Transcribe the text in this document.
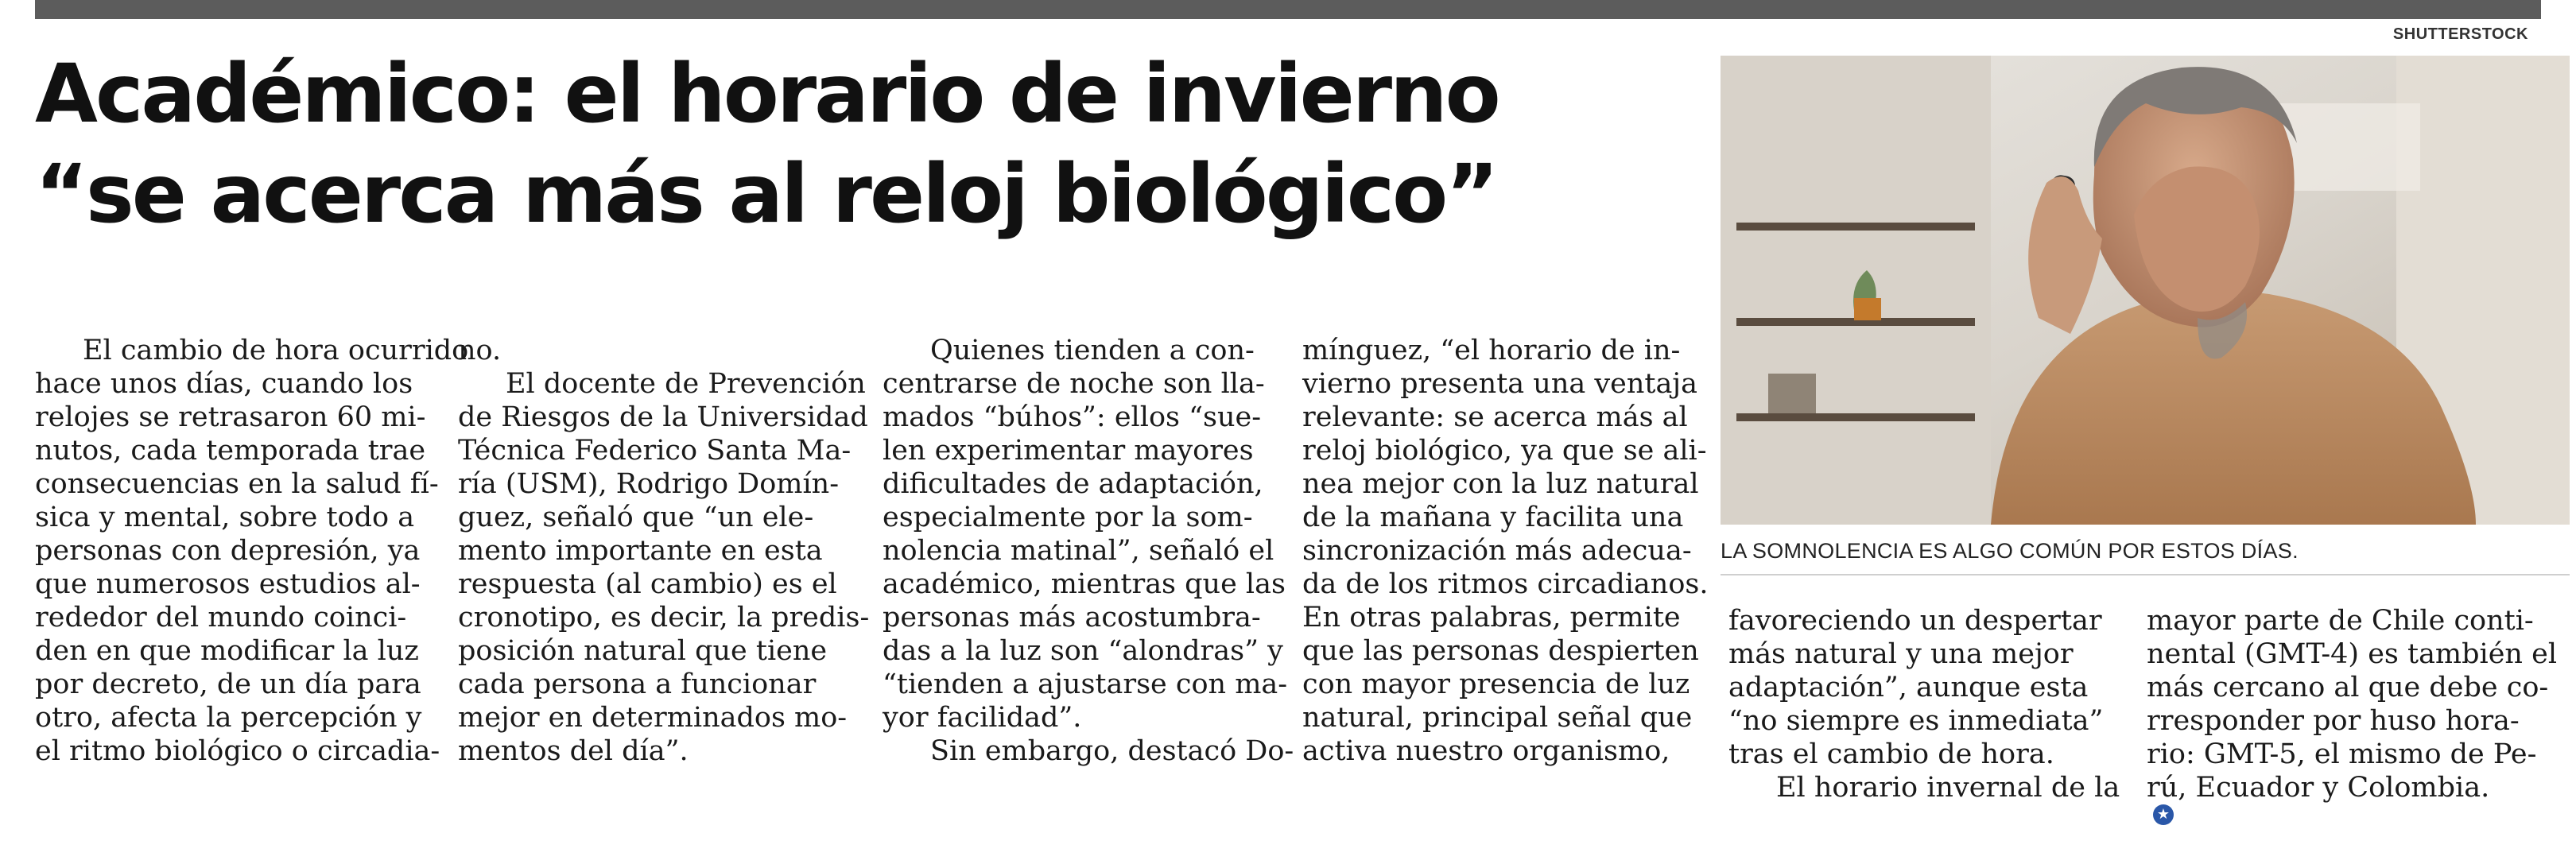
SHUTTERSTOCK
Académico: el horario de invierno
“se acerca más al reloj biológico”
El cambio de hora ocurrido
hace unos días, cuando los
relojes se retrasaron 60 mi-
nutos, cada temporada trae
consecuencias en la salud fí-
sica y mental, sobre todo a
personas con depresión, ya
que numerosos estudios al-
rededor del mundo coinci-
den en que modificar la luz
por decreto, de un día para
otro, afecta la percepción y
el ritmo biológico o circadia-
no.
El docente de Prevención
de Riesgos de la Universidad
Técnica Federico Santa Ma-
ría (USM), Rodrigo Domín-
guez, señaló que “un ele-
mento importante en esta
respuesta (al cambio) es el
cronotipo, es decir, la predis-
posición natural que tiene
cada persona a funcionar
mejor en determinados mo-
mentos del día”.
Quienes tienden a con-
centrarse de noche son lla-
mados “búhos”: ellos “sue-
len experimentar mayores
dificultades de adaptación,
especialmente por la som-
nolencia matinal”, señaló el
académico, mientras que las
personas más acostumbra-
das a la luz son “alondras” y
“tienden a ajustarse con ma-
yor facilidad”.
Sin embargo, destacó Do-
mínguez, “el horario de in-
vierno presenta una ventaja
relevante: se acerca más al
reloj biológico, ya que se ali-
nea mejor con la luz natural
de la mañana y facilita una
sincronización más adecua-
da de los ritmos circadianos.
En otras palabras, permite
que las personas despierten
con mayor presencia de luz
natural, principal señal que
activa nuestro organismo,
favoreciendo un despertar
más natural y una mejor
adaptación”, aunque esta
“no siempre es inmediata”
tras el cambio de hora.
El horario invernal de la
mayor parte de Chile conti-
nental (GMT-4) es también el
más cercano al que debe co-
rresponder por huso hora-
rio: GMT-5, el mismo de Pe-
rú, Ecuador y Colombia.
★
LA SOMNOLENCIA ES ALGO COMÚN POR ESTOS DÍAS.
